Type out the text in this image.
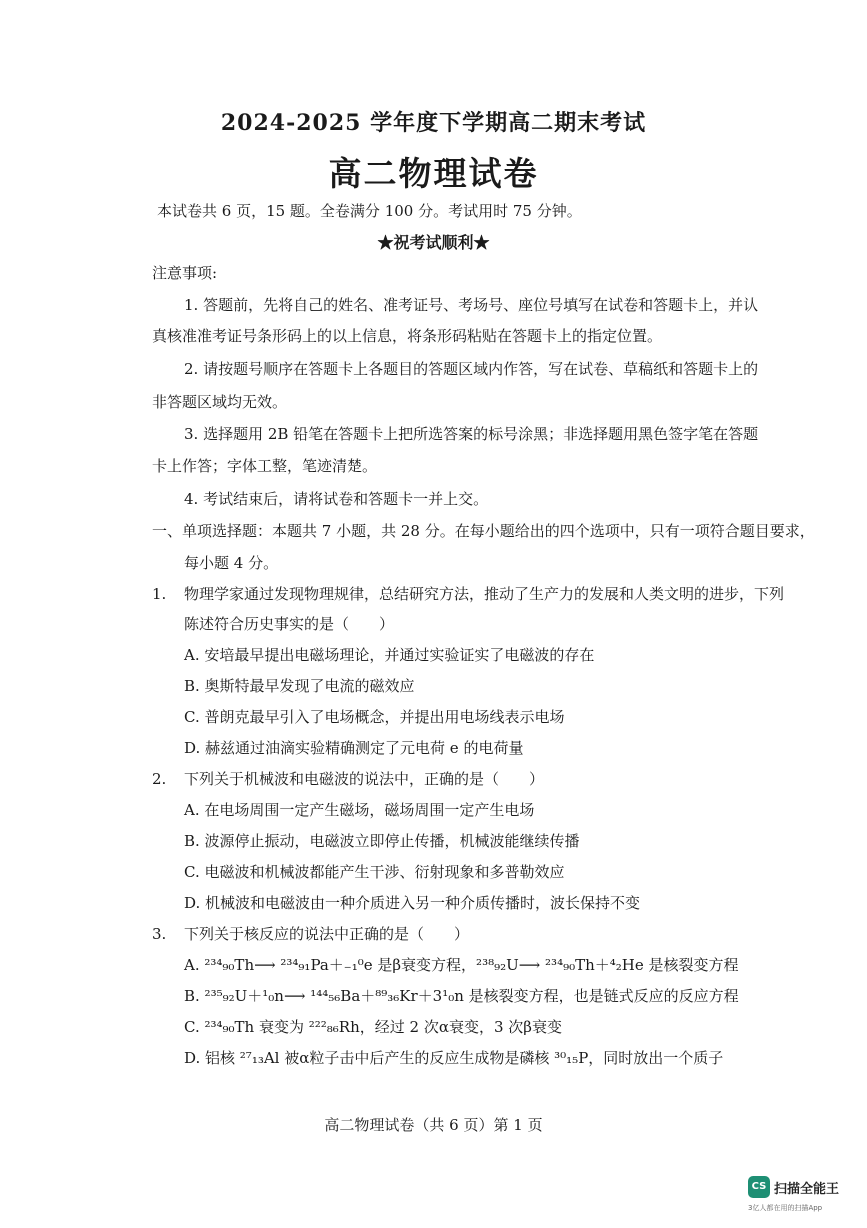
2024-2025 学年度下学期高二期末考试
高二物理试卷
本试卷共 6 页，15 题。全卷满分 100 分。考试用时 75 分钟。
★祝考试顺利★
注意事项:
1. 答题前，先将自己的姓名、准考证号、考场号、座位号填写在试卷和答题卡上，并认
真核准准考证号条形码上的以上信息，将条形码粘贴在答题卡上的指定位置。
2. 请按题号顺序在答题卡上各题目的答题区域内作答，写在试卷、草稿纸和答题卡上的
非答题区域均无效。
3. 选择题用 2B 铅笔在答题卡上把所选答案的标号涂黑；非选择题用黑色签字笔在答题
卡上作答；字体工整，笔迹清楚。
4. 考试结束后，请将试卷和答题卡一并上交。
一、单项选择题：本题共 7 小题，共 28 分。在每小题给出的四个选项中，只有一项符合题目要求，
每小题 4 分。
1. 物理学家通过发现物理规律，总结研究方法，推动了生产力的发展和人类文明的进步，下列
陈述符合历史事实的是（　　）
A. 安培最早提出电磁场理论，并通过实验证实了电磁波的存在
B. 奥斯特最早发现了电流的磁效应
C. 普朗克最早引入了电场概念，并提出用电场线表示电场
D. 赫兹通过油滴实验精确测定了元电荷 e 的电荷量
2. 下列关于机械波和电磁波的说法中，正确的是（　　）
A. 在电场周围一定产生磁场，磁场周围一定产生电场
B. 波源停止振动，电磁波立即停止传播，机械波能继续传播
C. 电磁波和机械波都能产生干涉、衍射现象和多普勒效应
D. 机械波和电磁波由一种介质进入另一种介质传播时，波长保持不变
3. 下列关于核反应的说法中正确的是（　　）
A. ²³⁴₉₀Th⟶ ²³⁴₉₁Pa＋₋₁⁰e 是β衰变方程，²³⁸₉₂U⟶ ²³⁴₉₀Th＋⁴₂He 是核裂变方程
B. ²³⁵₉₂U＋¹₀n⟶ ¹⁴⁴₅₆Ba＋⁸⁹₃₆Kr＋3¹₀n 是核裂变方程，也是链式反应的反应方程
C. ²³⁴₉₀Th 衰变为 ²²²₈₆Rh，经过 2 次α衰变，3 次β衰变
D. 铝核 ²⁷₁₃Al 被α粒子击中后产生的反应生成物是磷核 ³⁰₁₅P，同时放出一个质子
高二物理试卷（共 6 页）第 1 页
CS 扫描全能王
3亿人都在用的扫描App
